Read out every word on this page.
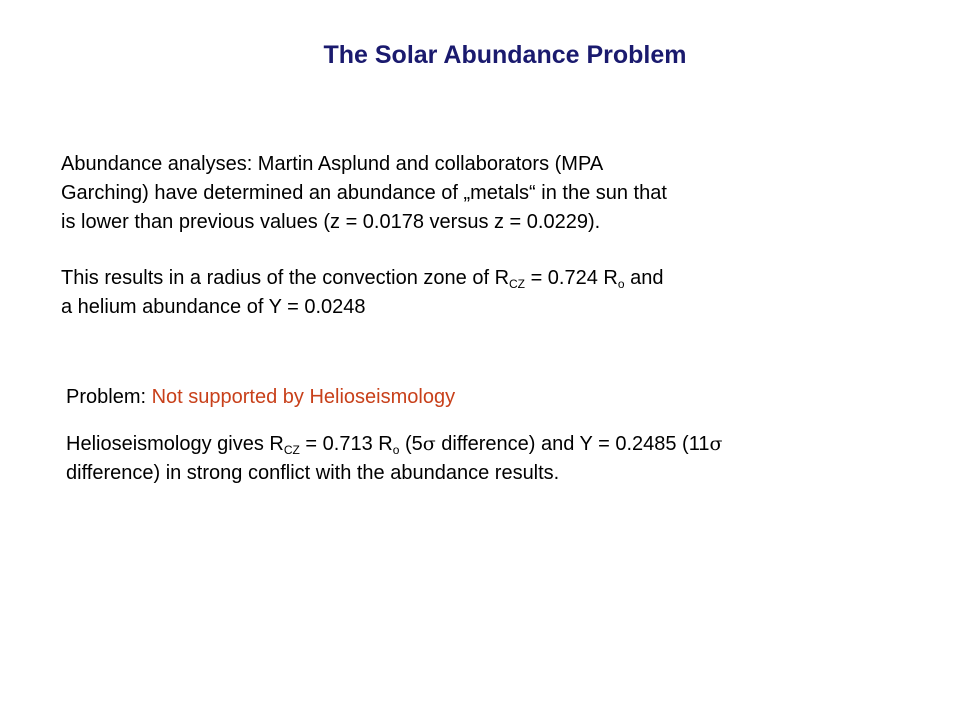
The Solar Abundance Problem

Abundance analyses: Martin Asplund and collaborators (MPA
Garching) have determined an abundance of „metals“ in the sun that
is lower than previous values (z = 0.0178 versus z = 0.0229).

This results in a radius of the convection zone of $R_{CZ} = 0.724$ $R_o$ and
a helium abundance of Y = 0.0248

Problem: Not supported by Helioseismology

Helioseismology gives $R_{CZ} = 0.713$ $R_o$ (5σ difference) and Y = 0.2485 (11σ
difference) in strong conflict with the abundance results.
